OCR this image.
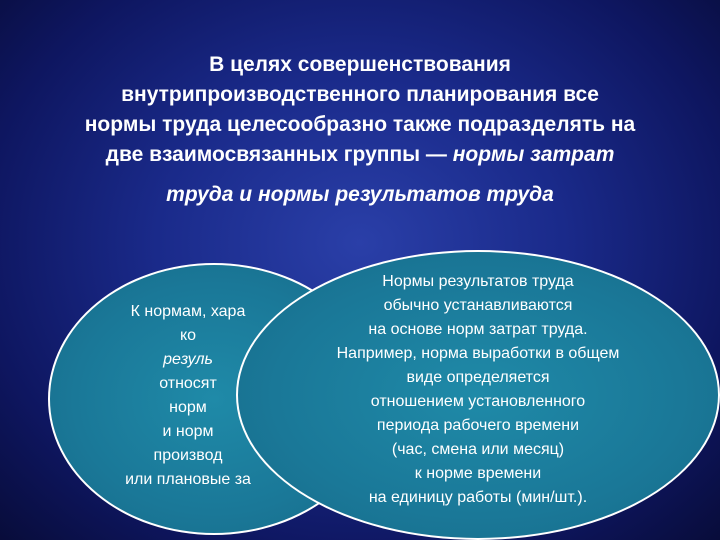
В целях совершенствования
внутрипроизводственного планирования все
нормы труда целесообразно также подразделять на
две взаимосвязанных группы — нормы затрат
труда и нормы результатов труда
К нормам, хара
ко
резуль
относят
норм
и норм
производ
или плановые за
Нормы результатов труда
обычно устанавливаются
на основе норм затрат труда.
Например, норма выработки в общем
виде определяется
отношением установленного
периода рабочего времени
(час, смена или месяц)
к норме времени
на единицу работы (мин/шт.).
